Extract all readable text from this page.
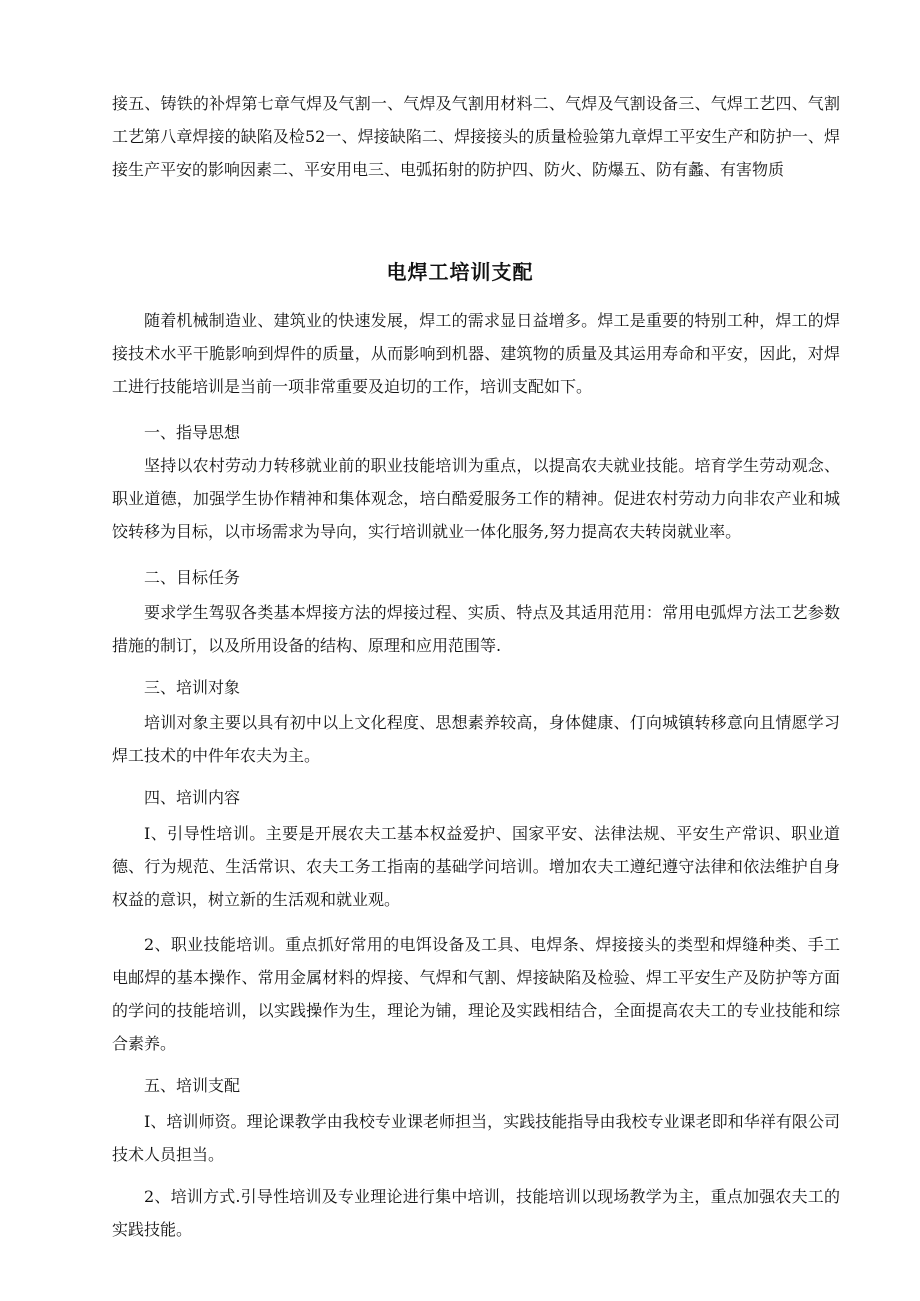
接五、铸铁的补焊第七章气焊及气割一、气焊及气割用材料二、气焊及气割设备三、气焊工艺四、气割工艺第八章焊接的缺陷及检52一、焊接缺陷二、焊接接头的质量检验第九章焊工平安生产和防护一、焊接生产平安的影响因素二、平安用电三、电弧拓射的防护四、防火、防爆五、防有蠡、有害物质

电焊工培训支配

随着机械制造业、建筑业的快速发展，焊工的需求显日益增多。焊工是重要的特别工种，焊工的焊接技术水平干脆影响到焊件的质量，从而影响到机器、建筑物的质量及其运用寿命和平安，因此，对焊工进行技能培训是当前一项非常重要及迫切的工作，培训支配如下。

一、指导思想

坚持以农村劳动力转移就业前的职业技能培训为重点，以提高农夫就业技能。培育学生劳动观念、职业道德，加强学生协作精神和集体观念，培白酷爱服务工作的精神。促进农村劳动力向非农产业和城饺转移为目标，以市场需求为导向，实行培训就业一体化服务,努力提高农夫转岗就业率。

二、目标任务

要求学生驾驭各类基本焊接方法的焊接过程、实质、特点及其适用范用：常用电弧焊方法工艺参数措施的制订，以及所用设备的结构、原理和应用范围等.

三、培训对象

培训对象主要以具有初中以上文化程度、思想素养较高，身体健康、仃向城镇转移意向且情愿学习焊工技术的中件年农夫为主。

四、培训内容

I、引导性培训。主要是开展农夫工基本权益爱护、国家平安、法律法规、平安生产常识、职业道德、行为规范、生活常识、农夫工务工指南的基础学问培训。增加农夫工遵纪遵守法律和依法维护自身权益的意识，树立新的生活观和就业观。

2、职业技能培训。重点抓好常用的电饵设备及工具、电焊条、焊接接头的类型和焊缝种类、手工电邮焊的基本操作、常用金属材料的焊接、气焊和气割、焊接缺陷及检验、焊工平安生产及防护等方面的学问的技能培训，以实践操作为生，理论为铺，理论及实践相结合，全面提高农夫工的专业技能和综合素养。

五、培训支配

I、培训师资。理论课教学由我校专业课老师担当，实践技能指导由我校专业课老即和华祥有限公司技术人员担当。

2、培训方式.引导性培训及专业理论进行集中培训，技能培训以现场教学为主，重点加强农夫工的实践技能。
